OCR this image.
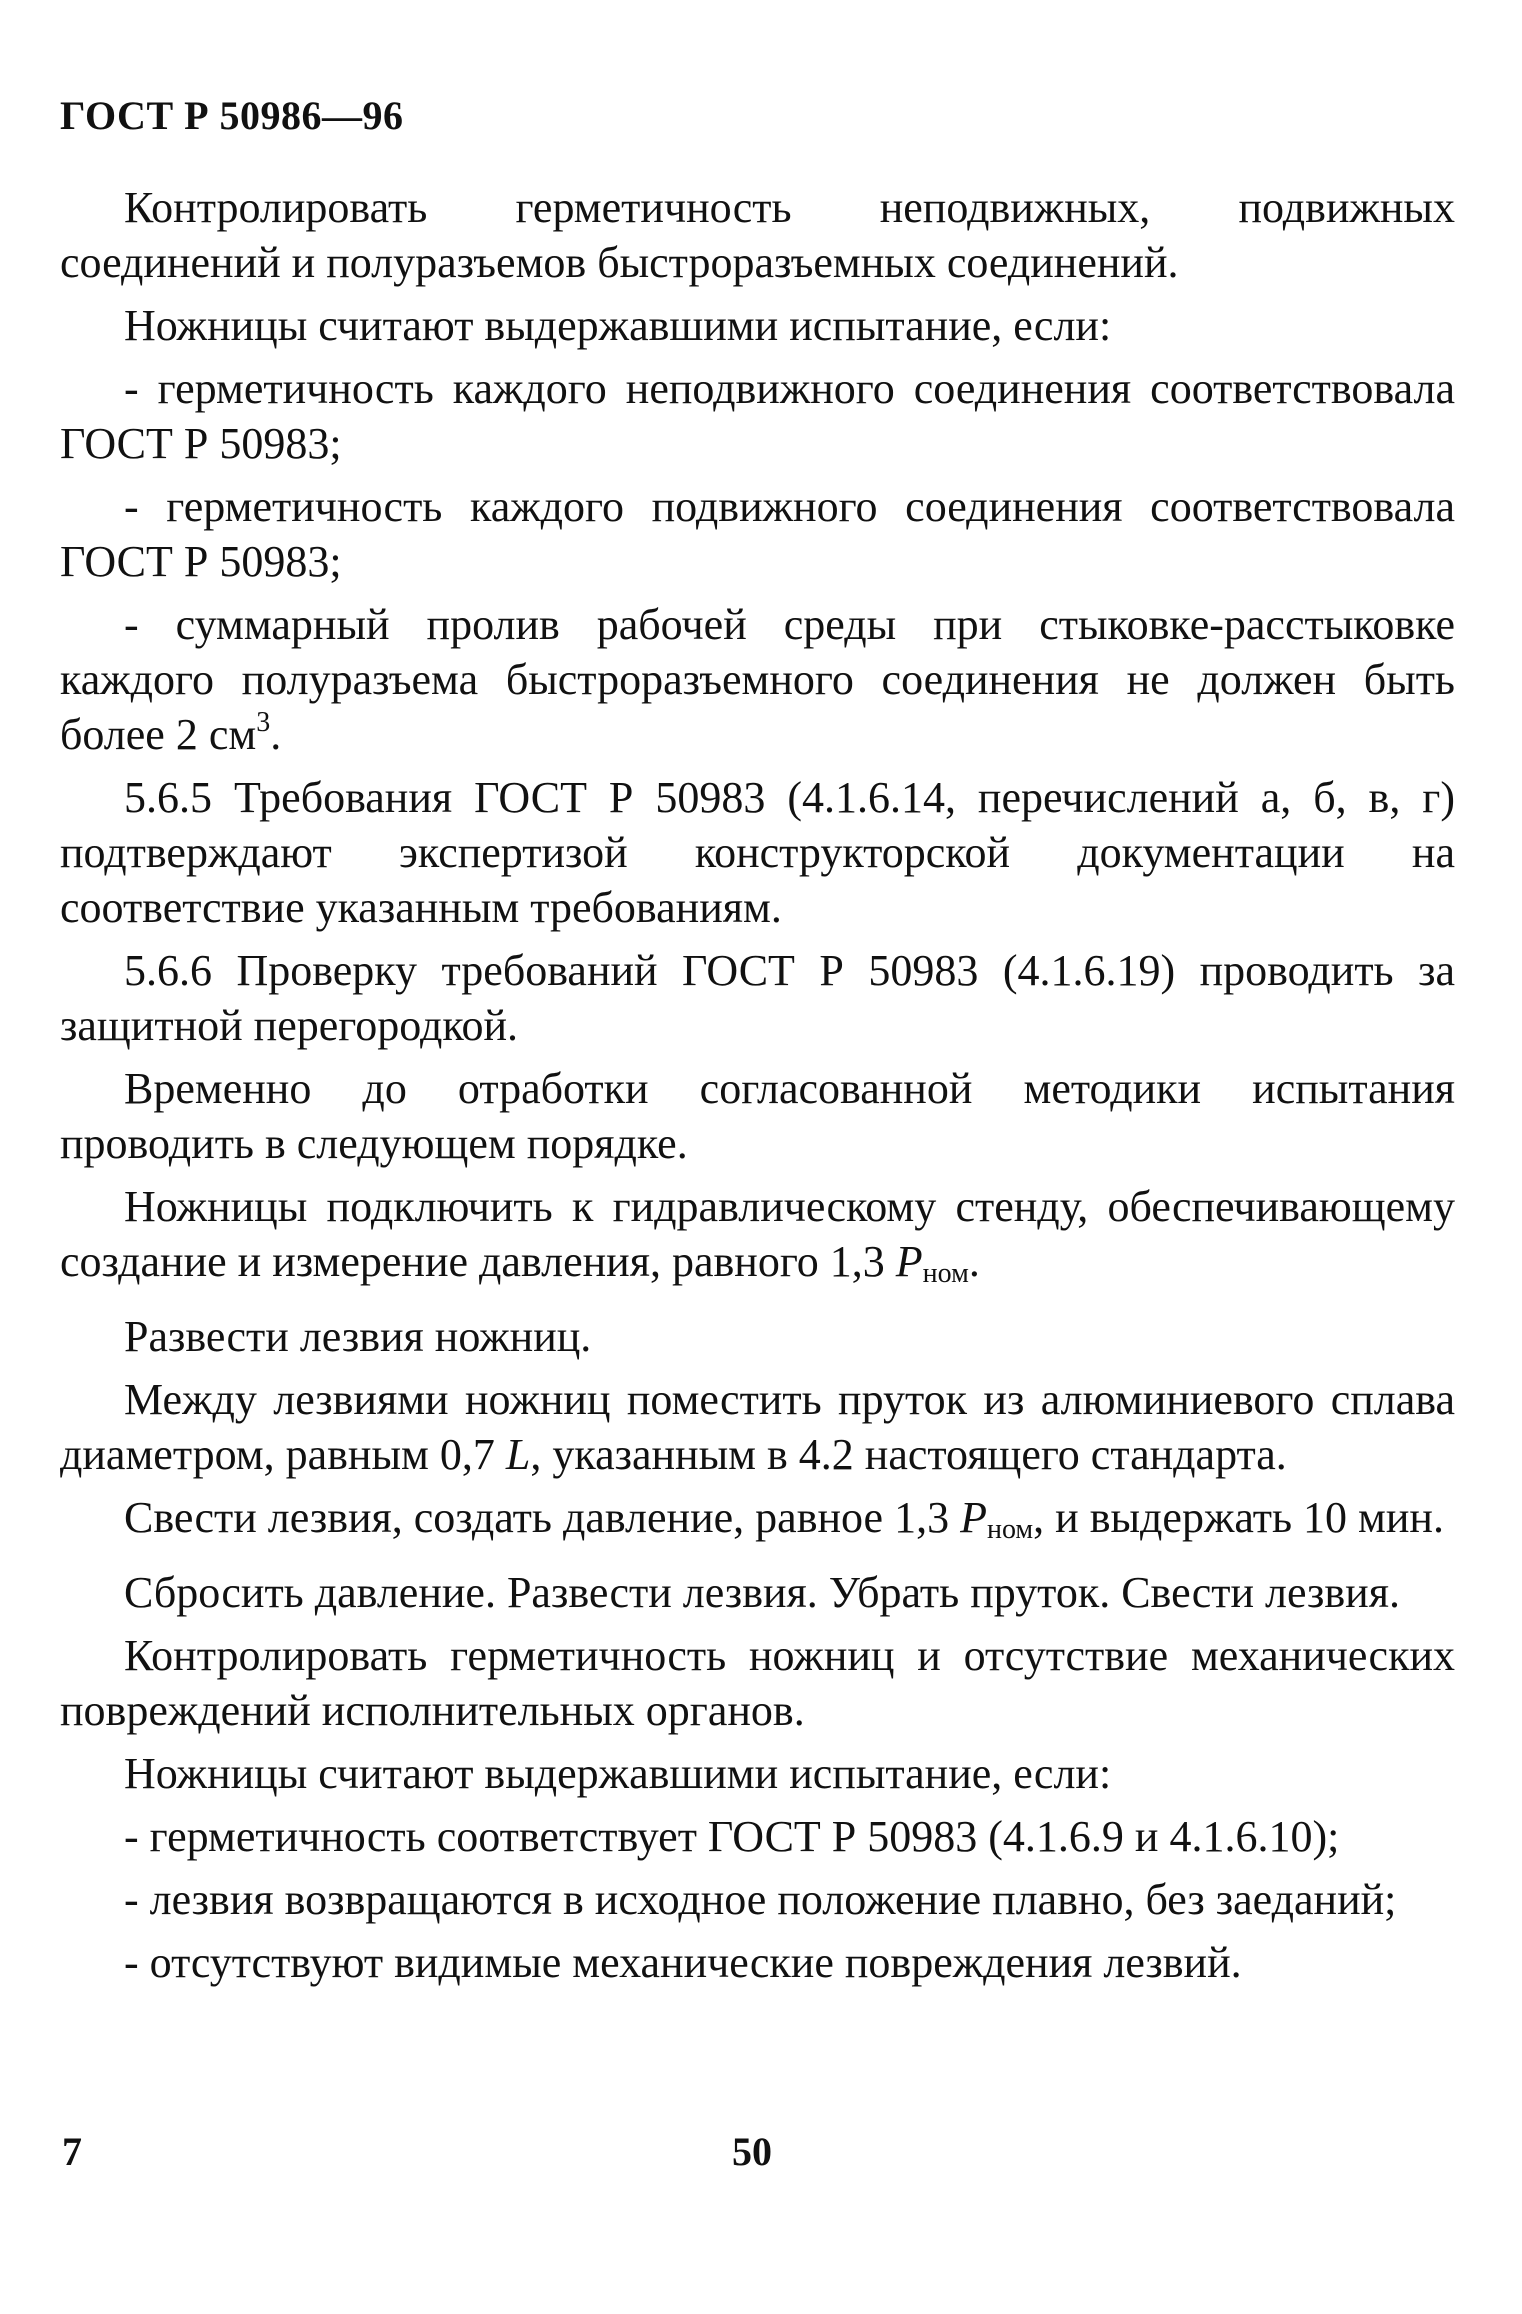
ГОСТ Р 50986—96

Контролировать герметичность неподвижных, подвижных соединений и полуразъемов быстроразъемных соединений.

Ножницы считают выдержавшими испытание, если:

- герметичность каждого неподвижного соединения соответствовала ГОСТ Р 50983;

- герметичность каждого подвижного соединения соответствовала ГОСТ Р 50983;

- суммарный пролив рабочей среды при стыковке-расстыковке каждого полуразъема быстроразъемного соединения не должен быть более 2 $см^3$.

5.6.5 Требования ГОСТ Р 50983 (4.1.6.14, перечислений а, б, в, г) подтверждают экспертизой конструкторской документации на соответствие указанным требованиям.

5.6.6 Проверку требований ГОСТ Р 50983 (4.1.6.19) проводить за защитной перегородкой.

Временно до отработки согласованной методики испытания проводить в следующем порядке.

Ножницы подключить к гидравлическому стенду, обеспечивающему создание и измерение давления, равного 1,3 $P_{ном}$.

Развести лезвия ножниц.

Между лезвиями ножниц поместить пруток из алюминиевого сплава диаметром, равным 0,7 L, указанным в 4.2 настоящего стандарта.

Свести лезвия, создать давление, равное 1,3 $P_{ном}$, и выдержать 10 мин.

Сбросить давление. Развести лезвия. Убрать пруток. Свести лезвия.

Контролировать герметичность ножниц и отсутствие механических повреждений исполнительных органов.

Ножницы считают выдержавшими испытание, если:

- герметичность соответствует ГОСТ Р 50983 (4.1.6.9 и 4.1.6.10);

- лезвия возвращаются в исходное положение плавно, без заеданий;

- отсутствуют видимые механические повреждения лезвий.

7	50
